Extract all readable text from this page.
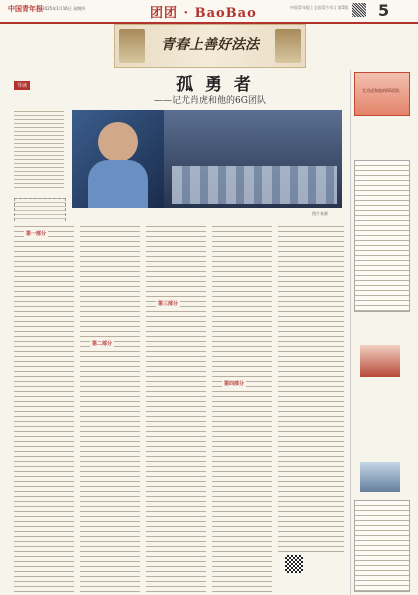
中国青年报 2025年1月16日 星期四	团团 · BaoBao	中国青年报 | 全国青少年 | 第5版	5
青春上善好法法
导读	孤 勇 者
——记尤肖虎和他的6G团队
图片来源
第一部分
第二部分
第三部分
第四部分
尤肖虎和他的6G团队
